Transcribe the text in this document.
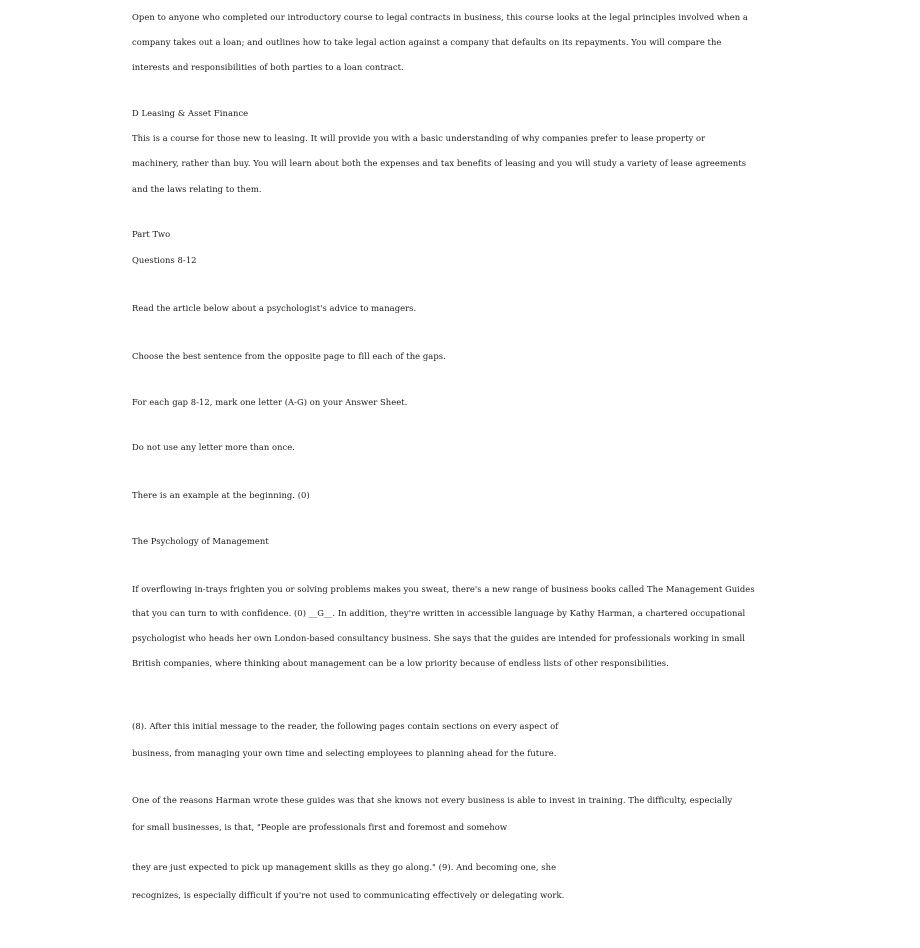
Open to anyone who completed our introductory course to legal contracts in business, this course looks at the legal principles involved when a
company takes out a loan; and outlines how to take legal action against a company that defaults on its repayments. You will compare the
interests and responsibilities of both parties to a loan contract.
D Leasing & Asset Finance
This is a course for those new to leasing. It will provide you with a basic understanding of why companies prefer to lease property or
machinery, rather than buy. You will learn about both the expenses and tax benefits of leasing and you will study a variety of lease agreements
and the laws relating to them.
Part Two
Questions 8-12
Read the article below about a psychologist's advice to managers.
Choose the best sentence from the opposite page to fill each of the gaps.
For each gap 8-12, mark one letter (A-G) on your Answer Sheet.
Do not use any letter more than once.
There is an example at the beginning. (0)
The Psychology of Management
If overflowing in-trays frighten you or solving problems makes you sweat, there's a new range of business books called The Management Guides
that you can turn to with confidence. (0) __G__. In addition, they're written in accessible language by Kathy Harman, a chartered occupational
psychologist who heads her own London-based consultancy business. She says that the guides are intended for professionals working in small
British companies, where thinking about management can be a low priority because of endless lists of other responsibilities.
(8). After this initial message to the reader, the following pages contain sections on every aspect of
business, from managing your own time and selecting employees to planning ahead for the future.
One of the reasons Harman wrote these guides was that she knows not every business is able to invest in training. The difficulty, especially
for small businesses, is that, "People are professionals first and foremost and somehow
they are just expected to pick up management skills as they go along." (9). And becoming one, she
recognizes, is especially difficult if you're not used to communicating effectively or delegating work.
